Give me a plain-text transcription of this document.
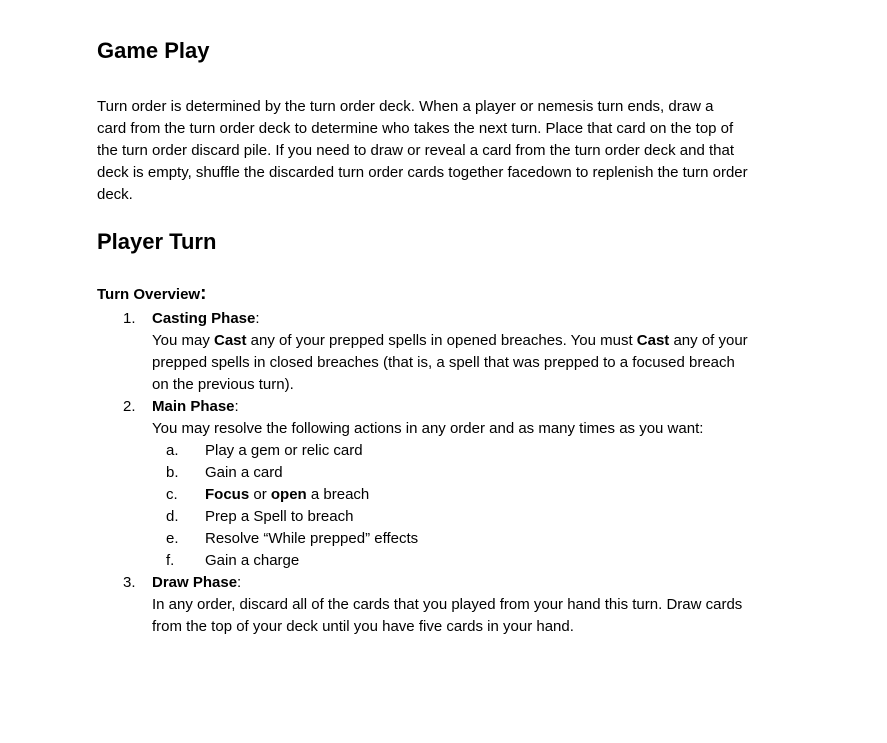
Game Play
Turn order is determined by the turn order deck. When a player or nemesis turn ends, draw a
card from the turn order deck to determine who takes the next turn. Place that card on the top of
the turn order discard pile. If you need to draw or reveal a card from the turn order deck and that
deck is empty, shuffle the discarded turn order cards together facedown to replenish the turn order
deck.
Player Turn
Turn Overview:
1.	Casting Phase:
You may Cast any of your prepped spells in opened breaches. You must Cast any of your
prepped spells in closed breaches (that is, a spell that was prepped to a focused breach
on the previous turn).
2.	Main Phase:
You may resolve the following actions in any order and as many times as you want:
a.	Play a gem or relic card
b.	Gain a card
c.	Focus or open a breach
d.	Prep a Spell to breach
e.	Resolve “While prepped” effects
f.	Gain a charge
3.	Draw Phase:
In any order, discard all of the cards that you played from your hand this turn. Draw cards
from the top of your deck until you have five cards in your hand.
